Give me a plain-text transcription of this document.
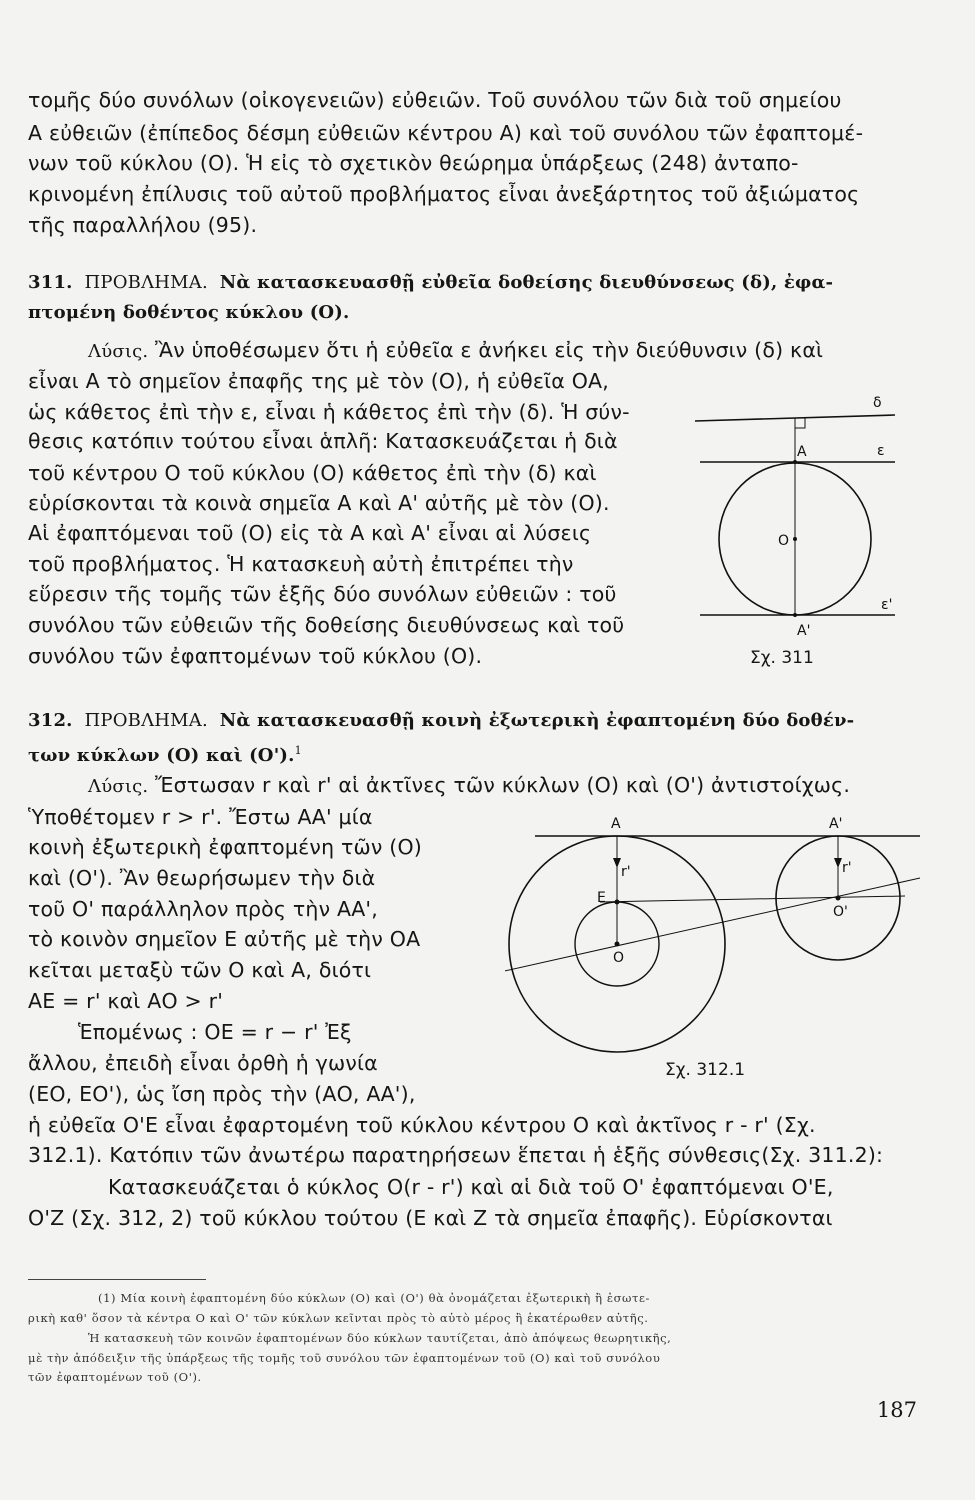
τομῆς δύο συνόλων (οἰκογενειῶν) εὐθειῶν. Τοῦ συνόλου τῶν διὰ τοῦ σημείου
Α εὐθειῶν (ἐπίπεδος δέσμη εὐθειῶν κέντρου Α) καὶ τοῦ συνόλου τῶν ἐφαπτομέ-
νων τοῦ κύκλου (Ο). Ἡ εἰς τὸ σχετικὸν θεώρημα ὑπάρξεως (248) ἀνταπο-
κρινομένη ἐπίλυσις τοῦ αὐτοῦ προβλήματος εἶναι ἀνεξάρτητος τοῦ ἀξιώματος
τῆς παραλλήλου (95).
311. ΠΡΟΒΛΗΜΑ. Νὰ κατασκευασθῇ εὐθεῖα δοθείσης διευθύνσεως (δ), ἐφα-
πτομένη δοθέντος κύκλου (Ο).
Λύσις. Ἂν ὑποθέσωμεν ὅτι ἡ εὐθεῖα ε ἀνήκει εἰς τὴν διεύθυνσιν (δ) καὶ
εἶναι Α τὸ σημεῖον ἐπαφῆς της μὲ τὸν (Ο), ἡ εὐθεῖα ΟΑ,
ὡς κάθετος ἐπὶ τὴν ε, εἶναι ἡ κάθετος ἐπὶ τὴν (δ). Ἡ σύν-
θεσις κατόπιν τούτου εἶναι ἁπλῆ: Κατασκευάζεται ἡ διὰ
τοῦ κέντρου Ο τοῦ κύκλου (Ο) κάθετος ἐπὶ τὴν (δ) καὶ
εὑρίσκονται τὰ κοινὰ σημεῖα Α καὶ Α' αὐτῆς μὲ τὸν (Ο).
Αἱ ἐφαπτόμεναι τοῦ (Ο) εἰς τὰ Α καὶ Α' εἶναι αἱ λύσεις
τοῦ προβλήματος. Ἡ κατασκευὴ αὐτὴ ἐπιτρέπει τὴν
εὕρεσιν τῆς τομῆς τῶν ἑξῆς δύο συνόλων εὐθειῶν : τοῦ
συνόλου τῶν εὐθειῶν τῆς δοθείσης διευθύνσεως καὶ τοῦ
συνόλου τῶν ἐφαπτομένων τοῦ κύκλου (Ο).
δ
ε
ε'
Α
Ο
Α'
Σχ. 311
312. ΠΡΟΒΛΗΜΑ. Νὰ κατασκευασθῇ κοινὴ ἐξωτερικὴ ἐφαπτομένη δύο δοθέν-
των κύκλων (Ο) καὶ (Ο').$^1$
Λύσις. Ἔστωσαν r καὶ r' αἱ ἀκτῖνες τῶν κύκλων (Ο) καὶ (Ο') ἀντιστοίχως.
Ὑποθέτομεν r > r'. Ἔστω ΑΑ' μία
κοινὴ ἐξωτερικὴ ἐφαπτομένη τῶν (Ο)
καὶ (Ο'). Ἂν θεωρήσωμεν τὴν διὰ
τοῦ Ο' παράλληλον πρὸς τὴν ΑΑ',
τὸ κοινὸν σημεῖον Ε αὐτῆς μὲ τὴν ΟΑ
κεῖται μεταξὺ τῶν Ο καὶ Α, διότι
ΑΕ = r' καὶ ΑΟ > r'
Ἑπομένως : ΟΕ = r − r' Ἐξ
ἄλλου, ἐπειδὴ εἶναι ὀρθὴ ἡ γωνία
(ΕΟ, ΕΟ'), ὡς ἴση πρὸς τὴν (ΑΟ, ΑΑ'),
ἡ εὐθεῖα Ο'Ε εἶναι ἐφαρτομένη τοῦ κύκλου κέντρου Ο καὶ ἀκτῖνος r - r' (Σχ.
312.1). Κατόπιν τῶν ἀνωτέρω παρατηρήσεων ἕπεται ἡ ἑξῆς σύνθεσις(Σχ. 311.2):
Κατασκευάζεται ὁ κύκλος Ο(r - r') καὶ αἱ διὰ τοῦ Ο' ἐφαπτόμεναι Ο'Ε,
Ο'Ζ (Σχ. 312, 2) τοῦ κύκλου τούτου (Ε καὶ Ζ τὰ σημεῖα ἐπαφῆς). Εὑρίσκονται
Α	Α'
r'	r'
Ε
Ο
Ο'
Σχ. 312.1
(1) Μία κοινὴ ἐφαπτομένη δύο κύκλων (Ο) καὶ (Ο') θὰ ὀνομάζεται ἐξωτερικὴ ἢ ἐσωτε-
ρικὴ καθ' ὅσον τὰ κέντρα Ο καὶ Ο' τῶν κύκλων κεῖνται πρὸς τὸ αὐτὸ μέρος ἢ ἑκατέρωθεν αὐτῆς.
Ἡ κατασκευὴ τῶν κοινῶν ἐφαπτομένων δύο κύκλων ταυτίζεται, ἀπὸ ἀπόψεως θεωρητικῆς,
μὲ τὴν ἀπόδειξιν τῆς ὑπάρξεως τῆς τομῆς τοῦ συνόλου τῶν ἐφαπτομένων τοῦ (Ο) καὶ τοῦ συνόλου
τῶν ἐφαπτομένων τοῦ (Ο').
187
